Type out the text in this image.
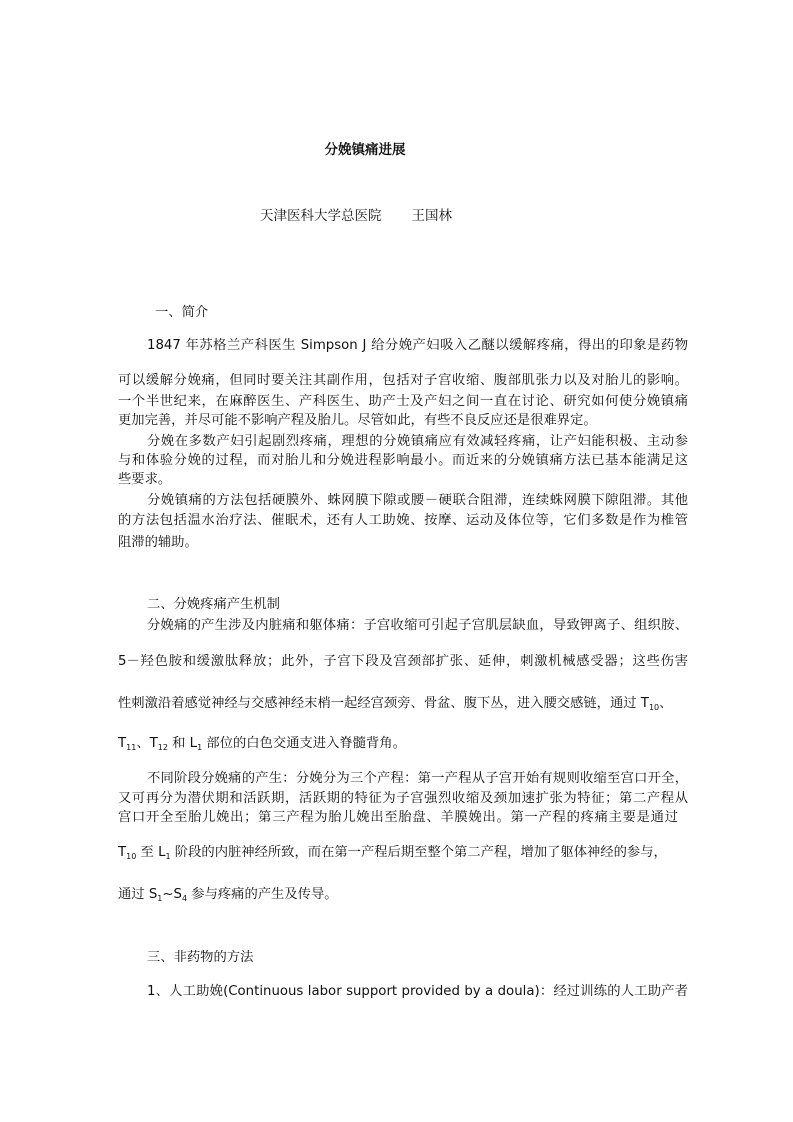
分娩镇痛进展
天津医科大学总医院 王国林
一、简介
1847 年苏格兰产科医生 Simpson J 给分娩产妇吸入乙醚以缓解疼痛，得出的印象是药物
可以缓解分娩痛，但同时要关注其副作用，包括对子宫收缩、腹部肌张力以及对胎儿的影响。
一个半世纪来，在麻醉医生、产科医生、助产士及产妇之间一直在讨论、研究如何使分娩镇痛
更加完善，并尽可能不影响产程及胎儿。尽管如此，有些不良反应还是很难界定。
分娩在多数产妇引起剧烈疼痛，理想的分娩镇痛应有效减轻疼痛，让产妇能积极、主动参
与和体验分娩的过程，而对胎儿和分娩进程影响最小。而近来的分娩镇痛方法已基本能满足这
些要求。
分娩镇痛的方法包括硬膜外、蛛网膜下隙或腰－硬联合阻滞，连续蛛网膜下隙阻滞。其他
的方法包括温水治疗法、催眠术，还有人工助娩、按摩、运动及体位等，它们多数是作为椎管
阻滞的辅助。
二、分娩疼痛产生机制
分娩痛的产生涉及内脏痛和躯体痛：子宫收缩可引起子宫肌层缺血，导致钾离子、组织胺、
5－羟色胺和缓激肽释放；此外，子宫下段及宫颈部扩张、延伸，刺激机械感受器；这些伤害
性刺激沿着感觉神经与交感神经末梢一起经宫颈旁、骨盆、腹下丛，进入腰交感链，通过 $T_{10}$、
$T_{11}$、$T_{12}$ 和 $L_1$ 部位的白色交通支进入脊髓背角。
不同阶段分娩痛的产生：分娩分为三个产程：第一产程从子宫开始有规则收缩至宫口开全，
又可再分为潜伏期和活跃期，活跃期的特征为子宫强烈收缩及颈加速扩张为特征；第二产程从
宫口开全至胎儿娩出；第三产程为胎儿娩出至胎盘、羊膜娩出。第一产程的疼痛主要是通过
$T_{10}$ 至 $L_1$ 阶段的内脏神经所致，而在第一产程后期至整个第二产程，增加了躯体神经的参与，
通过 $S_1\sim S_4$ 参与疼痛的产生及传导。
三、非药物的方法
1、人工助娩(Continuous labor support provided by a doula)：经过训练的人工助产者
